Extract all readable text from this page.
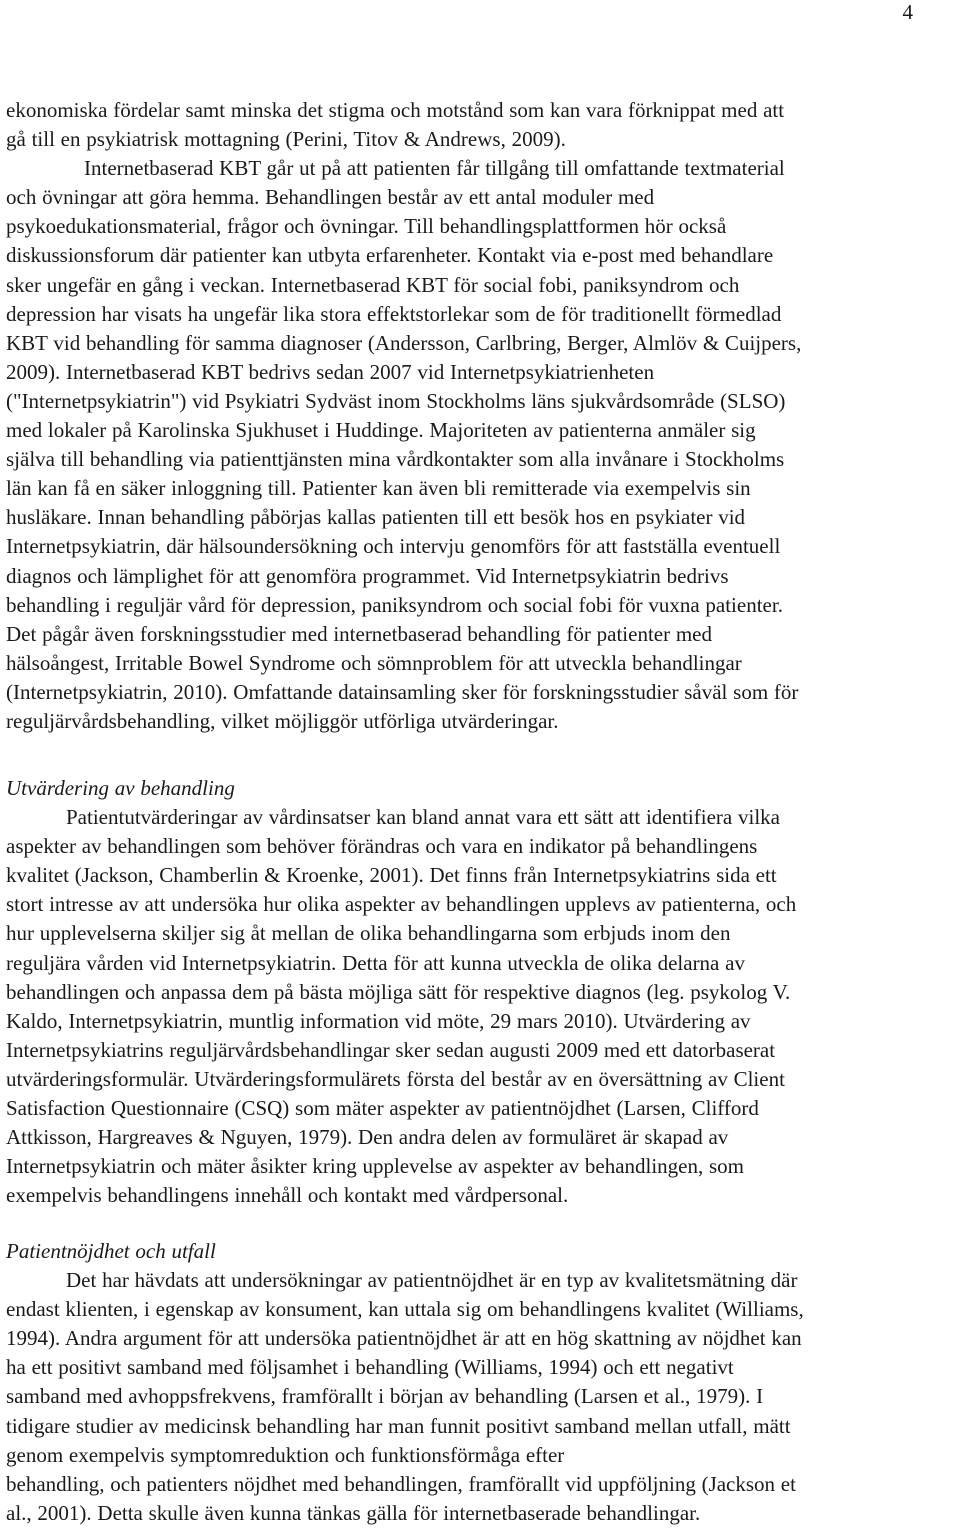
4
ekonomiska fördelar samt minska det stigma och motstånd som kan vara förknippat med att
gå till en psykiatrisk mottagning (Perini, Titov & Andrews, 2009).
Internetbaserad KBT går ut på att patienten får tillgång till omfattande textmaterial
och övningar att göra hemma. Behandlingen består av ett antal moduler med
psykoedukationsmaterial, frågor och övningar. Till behandlingsplattformen hör också
diskussionsforum där patienter kan utbyta erfarenheter. Kontakt via e-post med behandlare
sker ungefär en gång i veckan. Internetbaserad KBT för social fobi, paniksyndrom och
depression har visats ha ungefär lika stora effektstorlekar som de för traditionellt förmedlad
KBT vid behandling för samma diagnoser (Andersson, Carlbring, Berger, Almlöv & Cuijpers,
2009). Internetbaserad KBT bedrivs sedan 2007 vid Internetpsykiatrienheten
("Internetpsykiatrin") vid Psykiatri Sydväst inom Stockholms läns sjukvårdsområde (SLSO)
med lokaler på Karolinska Sjukhuset i Huddinge. Majoriteten av patienterna anmäler sig
själva till behandling via patienttjänsten mina vårdkontakter som alla invånare i Stockholms
län kan få en säker inloggning till. Patienter kan även bli remitterade via exempelvis sin
husläkare. Innan behandling påbörjas kallas patienten till ett besök hos en psykiater vid
Internetpsykiatrin, där hälsoundersökning och intervju genomförs för att fastställa eventuell
diagnos och lämplighet för att genomföra programmet. Vid Internetpsykiatrin bedrivs
behandling i reguljär vård för depression, paniksyndrom och social fobi för vuxna patienter.
Det pågår även forskningsstudier med internetbaserad behandling för patienter med
hälsoångest, Irritable Bowel Syndrome och sömnproblem för att utveckla behandlingar
(Internetpsykiatrin, 2010). Omfattande datainsamling sker för forskningsstudier såväl som för
reguljärvårdsbehandling, vilket möjliggör utförliga utvärderingar.
Utvärdering av behandling
Patientutvärderingar av vårdinsatser kan bland annat vara ett sätt att identifiera vilka
aspekter av behandlingen som behöver förändras och vara en indikator på behandlingens
kvalitet (Jackson, Chamberlin & Kroenke, 2001). Det finns från Internetpsykiatrins sida ett
stort intresse av att undersöka hur olika aspekter av behandlingen upplevs av patienterna, och
hur upplevelserna skiljer sig åt mellan de olika behandlingarna som erbjuds inom den
reguljära vården vid Internetpsykiatrin. Detta för att kunna utveckla de olika delarna av
behandlingen och anpassa dem på bästa möjliga sätt för respektive diagnos (leg. psykolog V.
Kaldo, Internetpsykiatrin, muntlig information vid möte, 29 mars 2010). Utvärdering av
Internetpsykiatrins reguljärvårdsbehandlingar sker sedan augusti 2009 med ett datorbaserat
utvärderingsformulär. Utvärderingsformulärets första del består av en översättning av Client
Satisfaction Questionnaire (CSQ) som mäter aspekter av patientnöjdhet (Larsen, Clifford
Attkisson, Hargreaves & Nguyen, 1979). Den andra delen av formuläret är skapad av
Internetpsykiatrin och mäter åsikter kring upplevelse av aspekter av behandlingen, som
exempelvis behandlingens innehåll och kontakt med vårdpersonal.
Patientnöjdhet och utfall
Det har hävdats att undersökningar av patientnöjdhet är en typ av kvalitetsmätning där
endast klienten, i egenskap av konsument, kan uttala sig om behandlingens kvalitet (Williams,
1994). Andra argument för att undersöka patientnöjdhet är att en hög skattning av nöjdhet kan
ha ett positivt samband med följsamhet i behandling (Williams, 1994) och ett negativt
samband med avhoppsfrekvens, framförallt i början av behandling (Larsen et al., 1979). I
tidigare studier av medicinsk behandling har man funnit positivt samband mellan utfall, mätt
genom exempelvis symptomreduktion och funktionsförmåga efter
behandling, och patienters nöjdhet med behandlingen, framförallt vid uppföljning (Jackson et
al., 2001). Detta skulle även kunna tänkas gälla för internetbaserade behandlingar.
